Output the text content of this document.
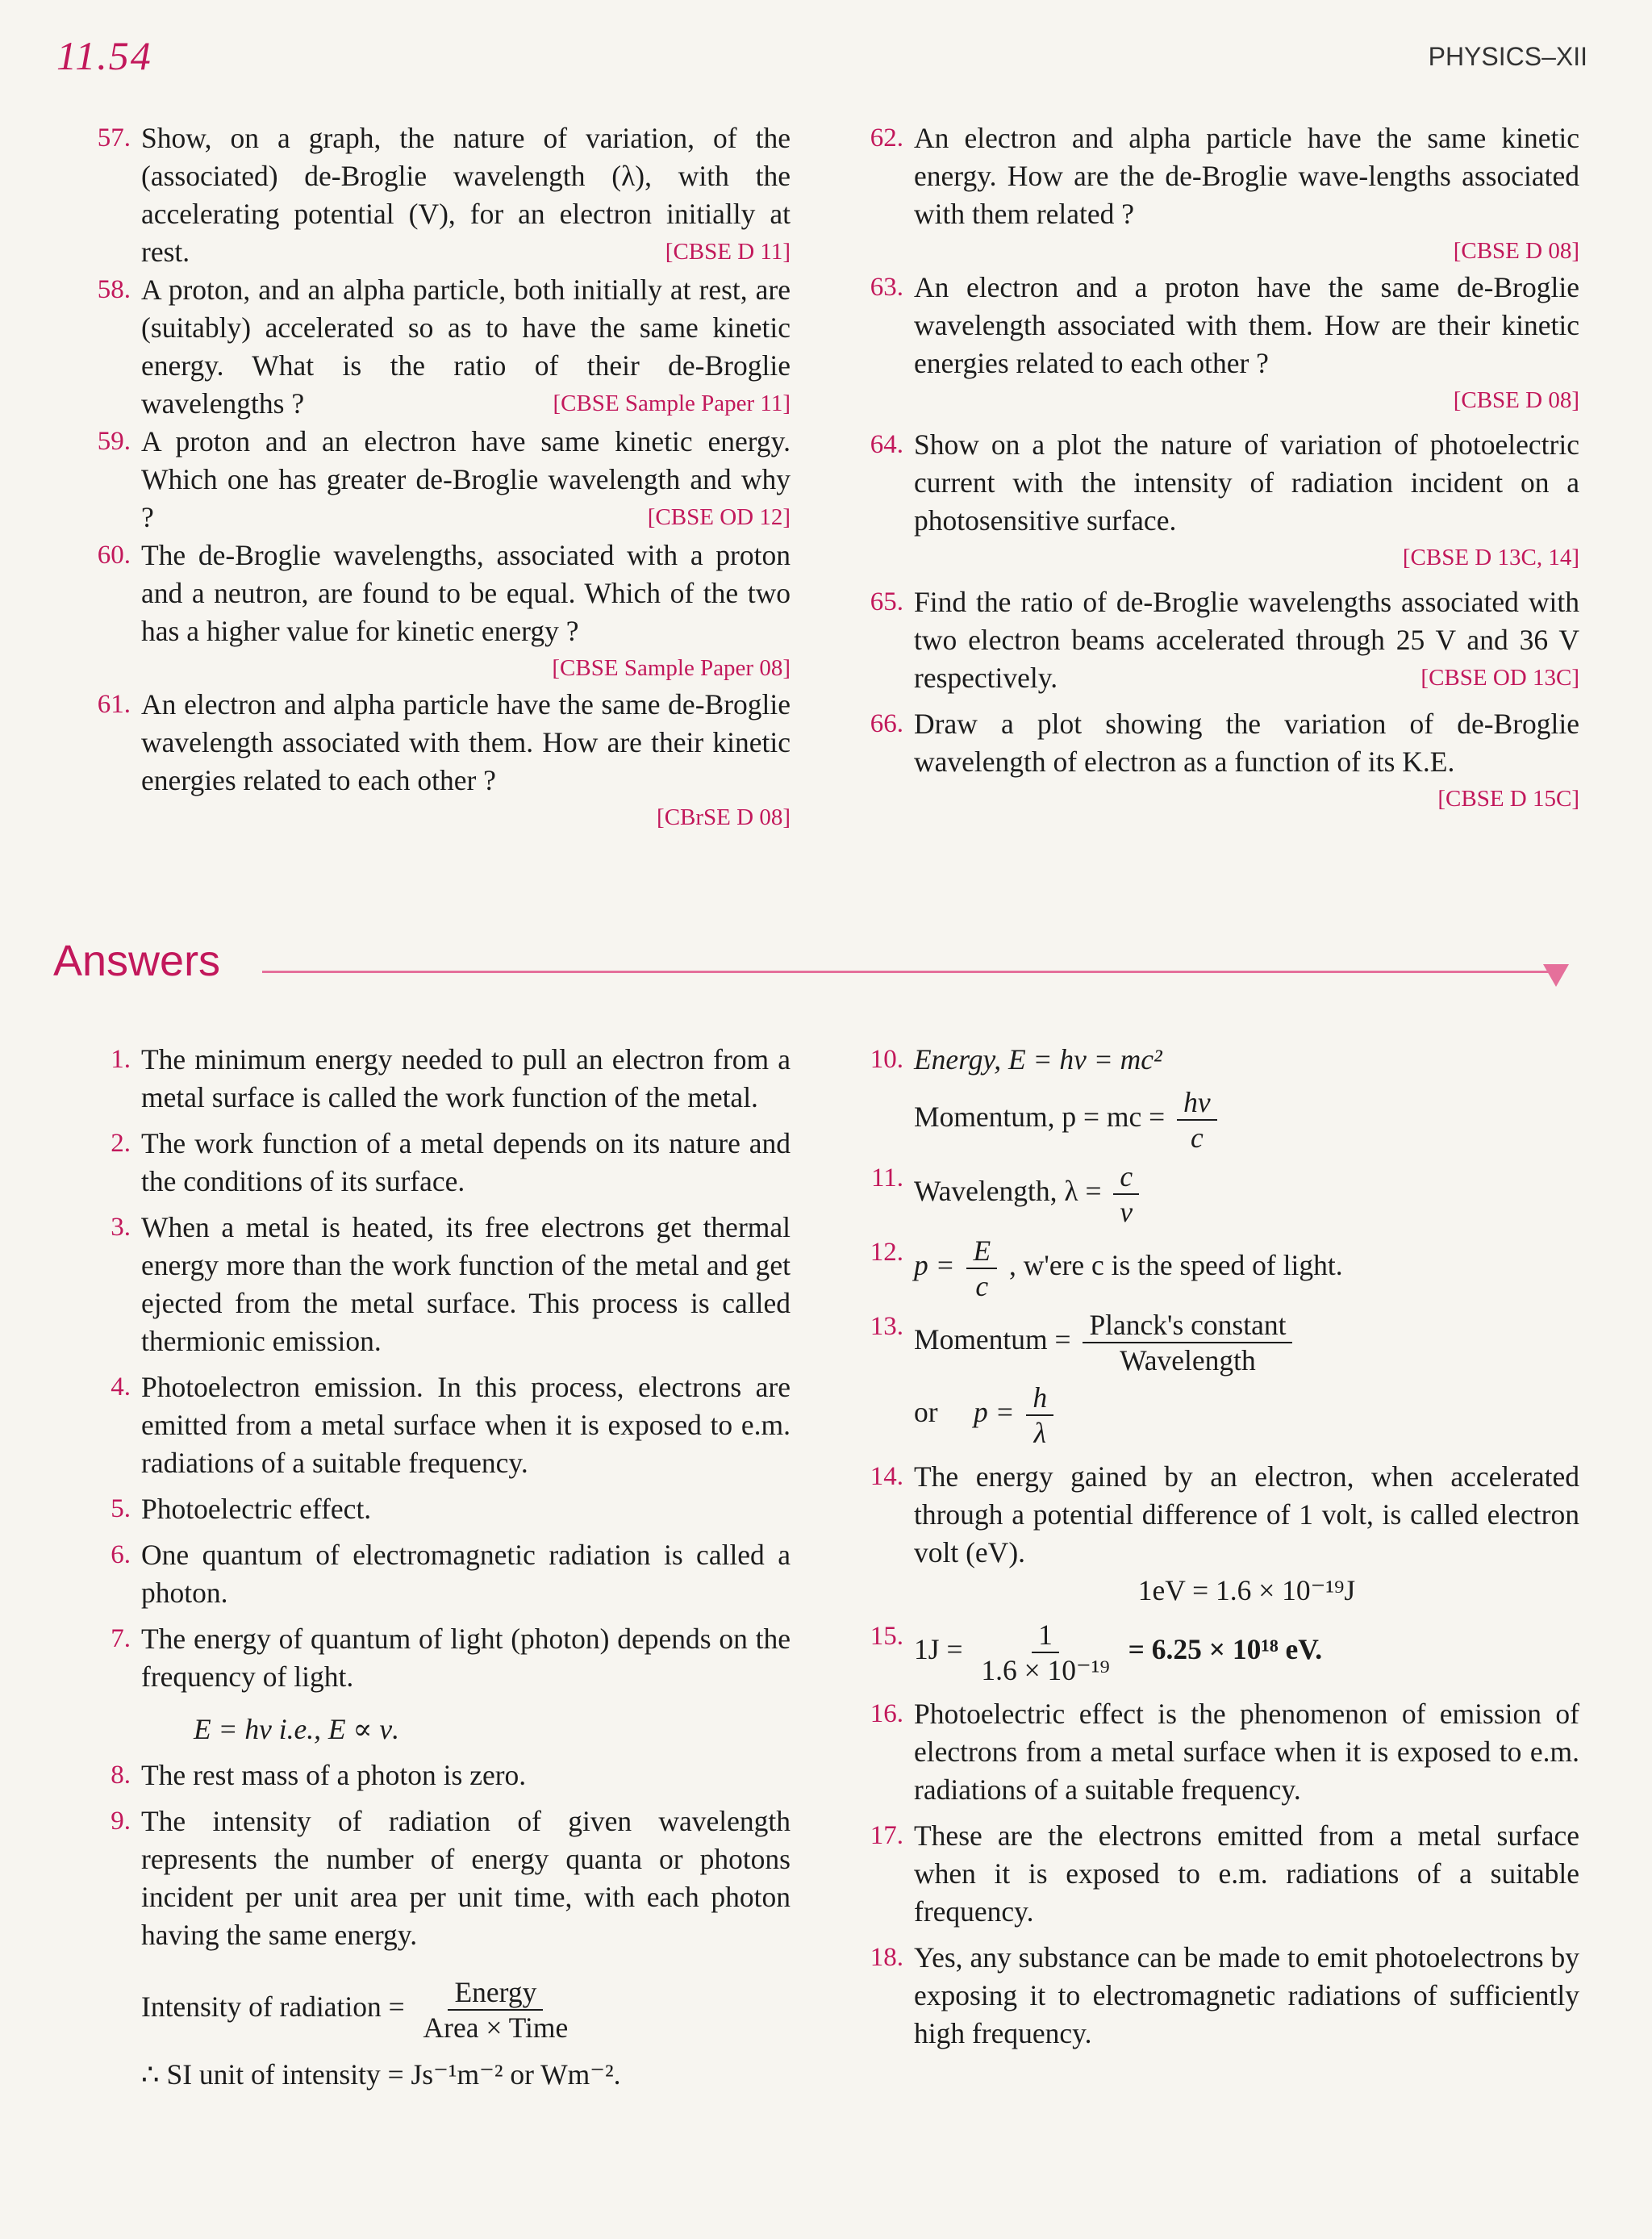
11.54	PHYSICS–XII
57. Show, on a graph, the nature of variation, of the (associated) de-Broglie wavelength (λ), with the accelerating potential (V), for an electron initially at rest.	[CBSE D 11]
58. A proton, and an alpha particle, both initially at rest, are (suitably) accelerated so as to have the same kinetic energy. What is the ratio of their de-Broglie wavelengths ?	[CBSE Sample Paper 11]
59. A proton and an electron have same kinetic energy. Which one has greater de-Broglie wavelength and why ?	[CBSE OD 12]
60. The de-Broglie wavelengths, associated with a proton and a neutron, are found to be equal. Which of the two has a higher value for kinetic energy ?
[CBSE Sample Paper 08]
61. An electron and alpha particle have the same de-Broglie wavelength associated with them. How are their kinetic energies related to each other ?
[CBrSE D 08]
62. An electron and alpha particle have the same kinetic energy. How are the de-Broglie wave-lengths associated with them related ?
[CBSE D 08]
63. An electron and a proton have the same de-Broglie wavelength associated with them. How are their kinetic energies related to each other ?
[CBSE D 08]
64. Show on a plot the nature of variation of photoelectric current with the intensity of radiation incident on a photosensitive surface.
[CBSE D 13C, 14]
65. Find the ratio of de-Broglie wavelengths associated with two electron beams accelerated through 25 V and 36 V respectively.	[CBSE OD 13C]
66. Draw a plot showing the variation of de-Broglie wavelength of electron as a function of its K.E.
[CBSE D 15C]
Answers
1. The minimum energy needed to pull an electron from a metal surface is called the work function of the metal.
2. The work function of a metal depends on its nature and the conditions of its surface.
3. When a metal is heated, its free electrons get thermal energy more than the work function of the metal and get ejected from the metal surface. This process is called thermionic emission.
4. Photoelectron emission. In this process, electrons are emitted from a metal surface when it is exposed to e.m. radiations of a suitable frequency.
5. Photoelectric effect.
6. One quantum of electromagnetic radiation is called a photon.
7. The energy of quantum of light (photon) depends on the frequency of light.
E = hν i.e., E ∝ ν.
8. The rest mass of a photon is zero.
9. The intensity of radiation of given wavelength represents the number of energy quanta or photons incident per unit area per unit time, with each photon having the same energy.
Intensity of radiation = $\frac{\text{Energy}}{\text{Area × Time}}$
∴ SI unit of intensity = Js⁻¹m⁻² or Wm⁻².
10. Energy, E = hν = mc²
Momentum, p = mc = $\frac{h\nu}{c}$
11. Wavelength, $\lambda = \frac{c}{\nu}$
12. $p = \frac{E}{c}$ , w'ere c is the speed of light.
13. Momentum = $\frac{\text{Planck's constant}}{\text{Wavelength}}$
or $p = \frac{h}{\lambda}$
14. The energy gained by an electron, when accelerated through a potential difference of 1 volt, is called electron volt (eV).
1eV = 1.6 × 10⁻¹⁹J
15. $1J = \frac{1}{\text{1.6 × 10⁻¹⁹}} = 6.25 \times 10^{18}$ eV.
16. Photoelectric effect is the phenomenon of emission of electrons from a metal surface when it is exposed to e.m. radiations of a suitable frequency.
17. These are the electrons emitted from a metal surface when it is exposed to e.m. radiations of a suitable frequency.
18. Yes, any substance can be made to emit photoelectrons by exposing it to electromagnetic radiations of sufficiently high frequency.
